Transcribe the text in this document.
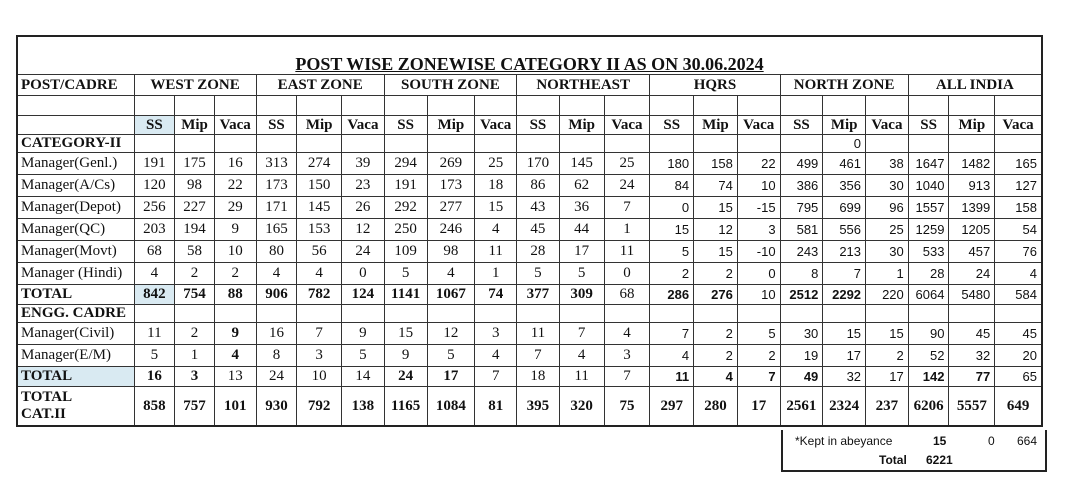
POST WISE ZONEWISE CATEGORY II AS ON 30.06.2024																					
POST/CADRE	WEST ZONE			EAST ZONE			SOUTH ZONE			NORTHEAST			HQRS			NORTH ZONE			ALL INDIA		

	SS	Mip	Vaca	SS	Mip	Vaca	SS	Mip	Vaca	SS	Mip	Vaca	SS	Mip	Vaca	SS	Mip	Vaca	SS	Mip	Vaca
CATEGORY-II																	0				
Manager(Genl.)	191	175	16	313	274	39	294	269	25	170	145	25	180	158	22	499	461	38	1647	1482	165
Manager(A/Cs)	120	98	22	173	150	23	191	173	18	86	62	24	84	74	10	386	356	30	1040	913	127
Manager(Depot)	256	227	29	171	145	26	292	277	15	43	36	7	0	15	-15	795	699	96	1557	1399	158
Manager(QC)	203	194	9	165	153	12	250	246	4	45	44	1	15	12	3	581	556	25	1259	1205	54
Manager(Movt)	68	58	10	80	56	24	109	98	11	28	17	11	5	15	-10	243	213	30	533	457	76
Manager (Hindi)	4	2	2	4	4	0	5	4	1	5	5	0	2	2	0	8	7	1	28	24	4
TOTAL	842	754	88	906	782	124	1141	1067	74	377	309	68	286	276	10	2512	2292	220	6064	5480	584
ENGG. CADRE																					
Manager(Civil)	11	2	9	16	7	9	15	12	3	11	7	4	7	2	5	30	15	15	90	45	45
Manager(E/M)	5	1	4	8	3	5	9	5	4	7	4	3	4	2	2	19	17	2	52	32	20
TOTAL	16	3	13	24	10	14	24	17	7	18	11	7	11	4	7	49	32	17	142	77	65

TOTAL
CAT.II	858	757	101	930	792	138	1165	1084	81	395	320	75	297	280	17	2561	2324	237	6206	5557	649
*Kept in abeyance	15	0 664
Total 6221
